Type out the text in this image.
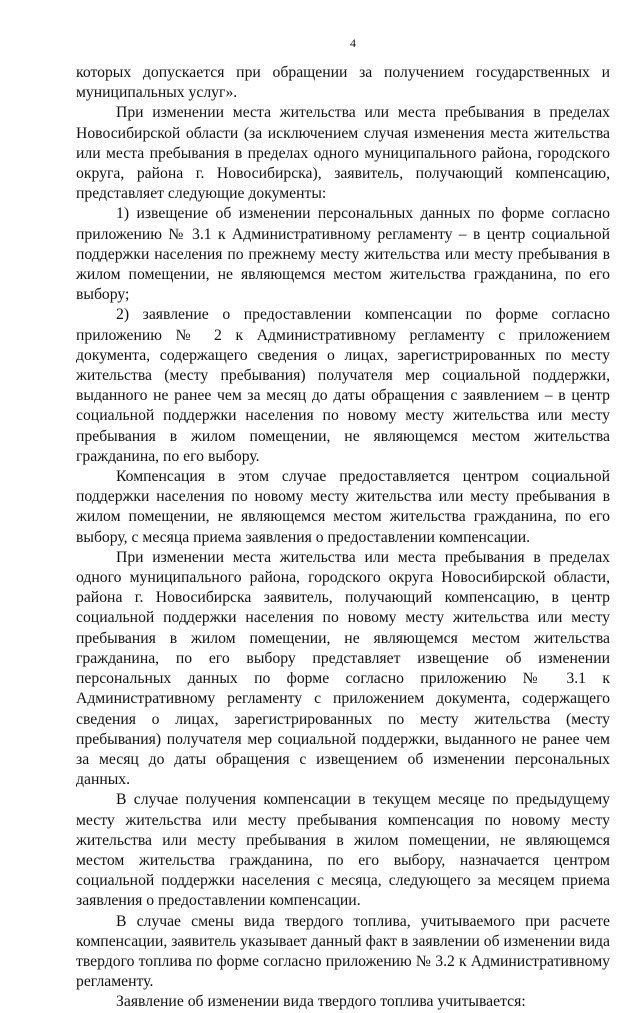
4

которых допускается при обращении за получением государственных и муниципальных услуг».

При изменении места жительства или места пребывания в пределах Новосибирской области (за исключением случая изменения места жительства или места пребывания в пределах одного муниципального района, городского округа, района г. Новосибирска), заявитель, получающий компенсацию, представляет следующие документы:

1) извещение об изменении персональных данных по форме согласно приложению № 3.1 к Административному регламенту – в центр социальной поддержки населения по прежнему месту жительства или месту пребывания в жилом помещении, не являющемся местом жительства гражданина, по его выбору;

2) заявление о предоставлении компенсации по форме согласно приложению № 2 к Административному регламенту с приложением документа, содержащего сведения о лицах, зарегистрированных по месту жительства (месту пребывания) получателя мер социальной поддержки, выданного не ранее чем за месяц до даты обращения с заявлением – в центр социальной поддержки населения по новому месту жительства или месту пребывания в жилом помещении, не являющемся местом жительства гражданина, по его выбору.

Компенсация в этом случае предоставляется центром социальной поддержки населения по новому месту жительства или месту пребывания в жилом помещении, не являющемся местом жительства гражданина, по его выбору, с месяца приема заявления о предоставлении компенсации.

При изменении места жительства или места пребывания в пределах одного муниципального района, городского округа Новосибирской области, района г. Новосибирска заявитель, получающий компенсацию, в центр социальной поддержки населения по новому месту жительства или месту пребывания в жилом помещении, не являющемся местом жительства гражданина, по его выбору представляет извещение об изменении персональных данных по форме согласно приложению № 3.1 к Административному регламенту с приложением документа, содержащего сведения о лицах, зарегистрированных по месту жительства (месту пребывания) получателя мер социальной поддержки, выданного не ранее чем за месяц до даты обращения с извещением об изменении персональных данных.

В случае получения компенсации в текущем месяце по предыдущему месту жительства или месту пребывания компенсация по новому месту жительства или месту пребывания в жилом помещении, не являющемся местом жительства гражданина, по его выбору, назначается центром социальной поддержки населения с месяца, следующего за месяцем приема заявления о предоставлении компенсации.

В случае смены вида твердого топлива, учитываемого при расчете компенсации, заявитель указывает данный факт в заявлении об изменении вида твердого топлива по форме согласно приложению № 3.2 к Административному регламенту.

Заявление об изменении вида твердого топлива учитывается:
